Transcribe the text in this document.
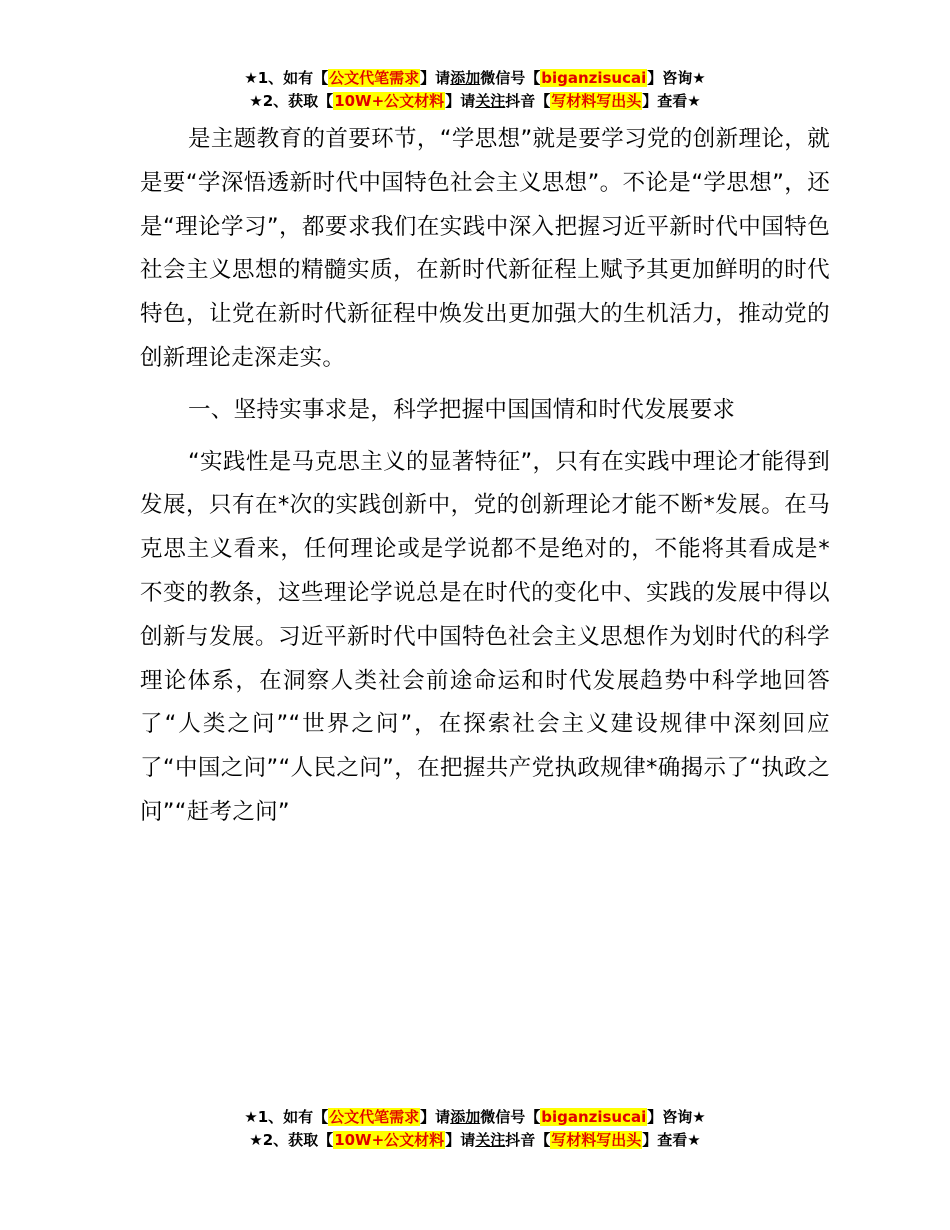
★1、如有【公文代笔需求】请添加微信号【biganzisucai】咨询★
★2、获取【10W+公文材料】请关注抖音【写材料写出头】查看★

是主题教育的首要环节，“学思想”就是要学习党的创新理论，就是要“学深悟透新时代中国特色社会主义思想”。不论是“学思想”，还是“理论学习”，都要求我们在实践中深入把握习近平新时代中国特色社会主义思想的精髓实质，在新时代新征程上赋予其更加鲜明的时代特色，让党在新时代新征程中焕发出更加强大的生机活力，推动党的创新理论走深走实。

一、坚持实事求是，科学把握中国国情和时代发展要求

“实践性是马克思主义的显著特征”，只有在实践中理论才能得到发展，只有在*次的实践创新中，党的创新理论才能不断*发展。在马克思主义看来，任何理论或是学说都不是绝对的，不能将其看成是*不变的教条，这些理论学说总是在时代的变化中、实践的发展中得以创新与发展。习近平新时代中国特色社会主义思想作为划时代的科学理论体系，在洞察人类社会前途命运和时代发展趋势中科学地回答了“人类之问”“世界之问”，在探索社会主义建设规律中深刻回应了“中国之问”“人民之问”，在把握共产党执政规律*确揭示了“执政之问”“赶考之问”

★1、如有【公文代笔需求】请添加微信号【biganzisucai】咨询★
★2、获取【10W+公文材料】请关注抖音【写材料写出头】查看★
